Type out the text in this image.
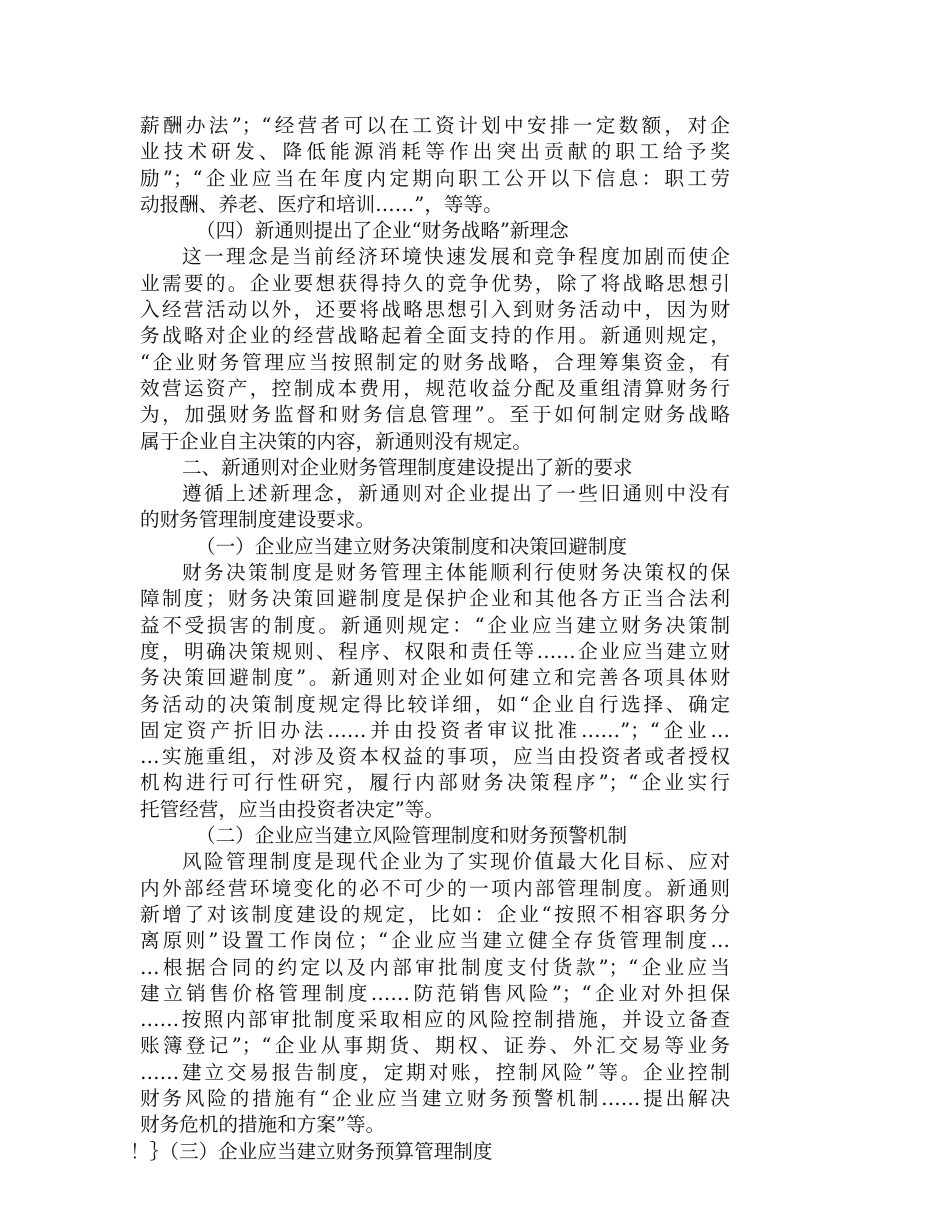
薪酬办法”；“经营者可以在工资计划中安排一定数额，对企
业技术研发、降低能源消耗等作出突出贡献的职工给予奖
励”；“企业应当在年度内定期向职工公开以下信息：职工劳
动报酬、养老、医疗和培训……”，等等。
（四）新通则提出了企业“财务战略”新理念
这一理念是当前经济环境快速发展和竞争程度加剧而使企
业需要的。企业要想获得持久的竞争优势，除了将战略思想引
入经营活动以外，还要将战略思想引入到财务活动中，因为财
务战略对企业的经营战略起着全面支持的作用。新通则规定，
“企业财务管理应当按照制定的财务战略，合理筹集资金，有
效营运资产，控制成本费用，规范收益分配及重组清算财务行
为，加强财务监督和财务信息管理”。至于如何制定财务战略
属于企业自主决策的内容，新通则没有规定。
二、新通则对企业财务管理制度建设提出了新的要求
遵循上述新理念，新通则对企业提出了一些旧通则中没有
的财务管理制度建设要求。
（一）企业应当建立财务决策制度和决策回避制度
财务决策制度是财务管理主体能顺利行使财务决策权的保
障制度；财务决策回避制度是保护企业和其他各方正当合法利
益不受损害的制度。新通则规定：“企业应当建立财务决策制
度，明确决策规则、程序、权限和责任等……企业应当建立财
务决策回避制度”。新通则对企业如何建立和完善各项具体财
务活动的决策制度规定得比较详细，如“企业自行选择、确定
固定资产折旧办法……并由投资者审议批准……”；“企业…
…实施重组，对涉及资本权益的事项，应当由投资者或者授权
机构进行可行性研究，履行内部财务决策程序”；“企业实行
托管经营，应当由投资者决定”等。
（二）企业应当建立风险管理制度和财务预警机制
风险管理制度是现代企业为了实现价值最大化目标、应对
内外部经营环境变化的必不可少的一项内部管理制度。新通则
新增了对该制度建设的规定，比如：企业“按照不相容职务分
离原则”设置工作岗位；“企业应当建立健全存货管理制度…
…根据合同的约定以及内部审批制度支付货款”；“企业应当
建立销售价格管理制度……防范销售风险”；“企业对外担保
……按照内部审批制度采取相应的风险控制措施，并设立备查
账簿登记”；“企业从事期货、期权、证券、外汇交易等业务
……建立交易报告制度，定期对账，控制风险”等。企业控制
财务风险的措施有“企业应当建立财务预警机制……提出解决
财务危机的措施和方案”等。
！｝（三）企业应当建立财务预算管理制度
